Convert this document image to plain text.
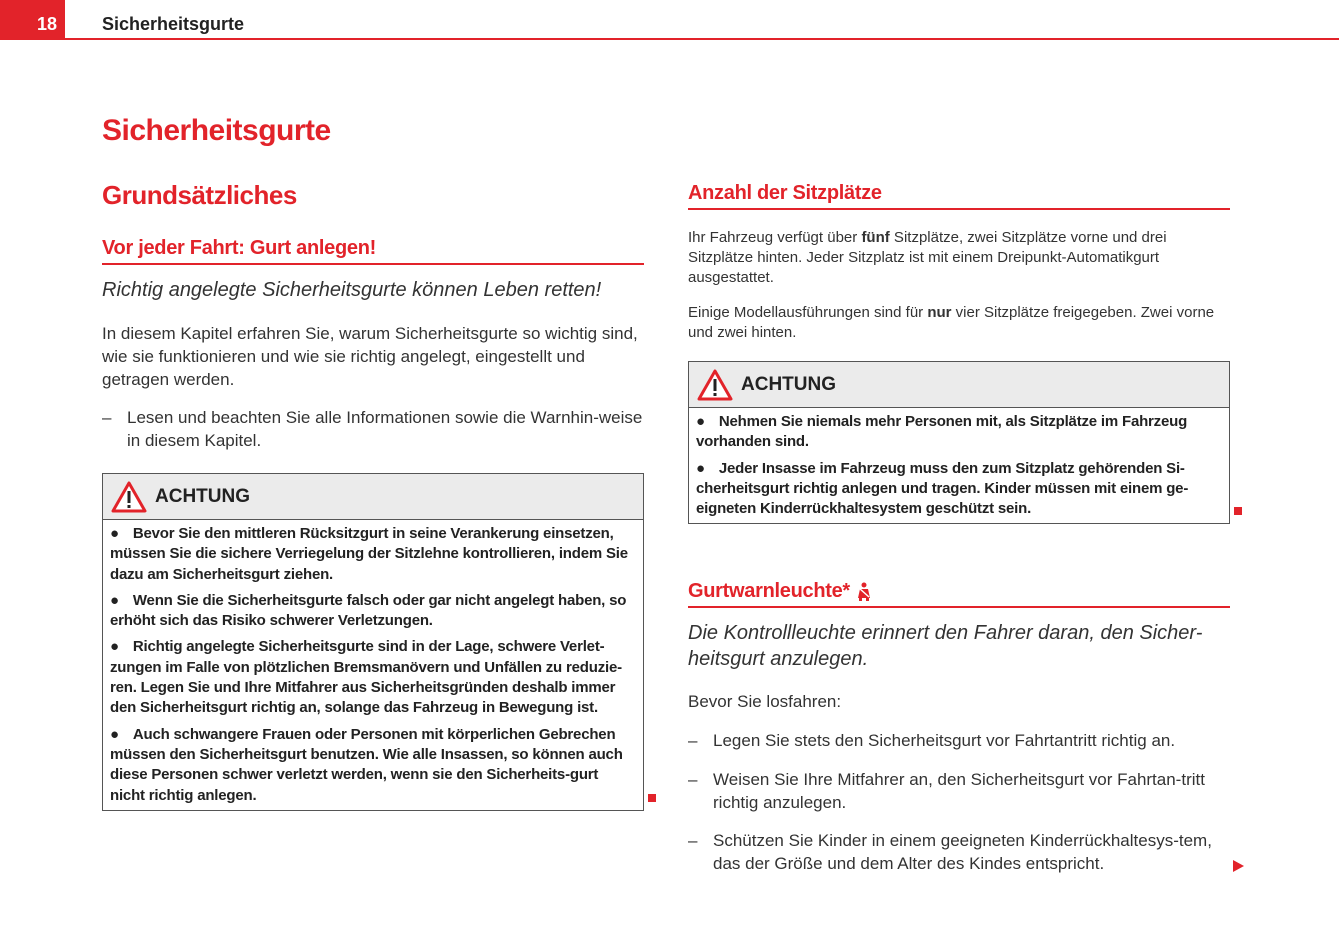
18	Sicherheitsgurte
Sicherheitsgurte
Grundsätzliches
Vor jeder Fahrt: Gurt anlegen!
Richtig angelegte Sicherheitsgurte können Leben retten!
In diesem Kapitel erfahren Sie, warum Sicherheitsgurte so wichtig sind, wie sie funktionieren und wie sie richtig angelegt, eingestellt und getragen werden.
– Lesen und beachten Sie alle Informationen sowie die Warnhin-weise in diesem Kapitel.
ACHTUNG

● Bevor Sie den mittleren Rücksitzgurt in seine Verankerung einsetzen, müssen Sie die sichere Verriegelung der Sitzlehne kontrollieren, indem Sie dazu am Sicherheitsgurt ziehen.

● Wenn Sie die Sicherheitsgurte falsch oder gar nicht angelegt haben, so erhöht sich das Risiko schwerer Verletzungen.

● Richtig angelegte Sicherheitsgurte sind in der Lage, schwere Verlet-zungen im Falle von plötzlichen Bremsmanövern und Unfällen zu reduzie-ren. Legen Sie und Ihre Mitfahrer aus Sicherheitsgründen deshalb immer den Sicherheitsgurt richtig an, solange das Fahrzeug in Bewegung ist.

● Auch schwangere Frauen oder Personen mit körperlichen Gebrechen müssen den Sicherheitsgurt benutzen. Wie alle Insassen, so können auch diese Personen schwer verletzt werden, wenn sie den Sicherheits-gurt nicht richtig anlegen.

Anzahl der Sitzplätze
Ihr Fahrzeug verfügt über fünf Sitzplätze, zwei Sitzplätze vorne und drei Sitzplätze hinten. Jeder Sitzplatz ist mit einem Dreipunkt-Automatikgurt ausgestattet.
Einige Modellausführungen sind für nur vier Sitzplätze freigegeben. Zwei vorne und zwei hinten.
ACHTUNG

● Nehmen Sie niemals mehr Personen mit, als Sitzplätze im Fahrzeug vorhanden sind.

● Jeder Insasse im Fahrzeug muss den zum Sitzplatz gehörenden Si-cherheitsgurt richtig anlegen und tragen. Kinder müssen mit einem ge-eigneten Kinderrückhaltesystem geschützt sein.

Gurtwarnleuchte*
Die Kontrollleuchte erinnert den Fahrer daran, den Sicher-heitsgurt anzulegen.
Bevor Sie losfahren:
– Legen Sie stets den Sicherheitsgurt vor Fahrtantritt richtig an.
– Weisen Sie Ihre Mitfahrer an, den Sicherheitsgurt vor Fahrtan-tritt richtig anzulegen.
– Schützen Sie Kinder in einem geeigneten Kinderrückhaltesys-tem, das der Größe und dem Alter des Kindes entspricht.
